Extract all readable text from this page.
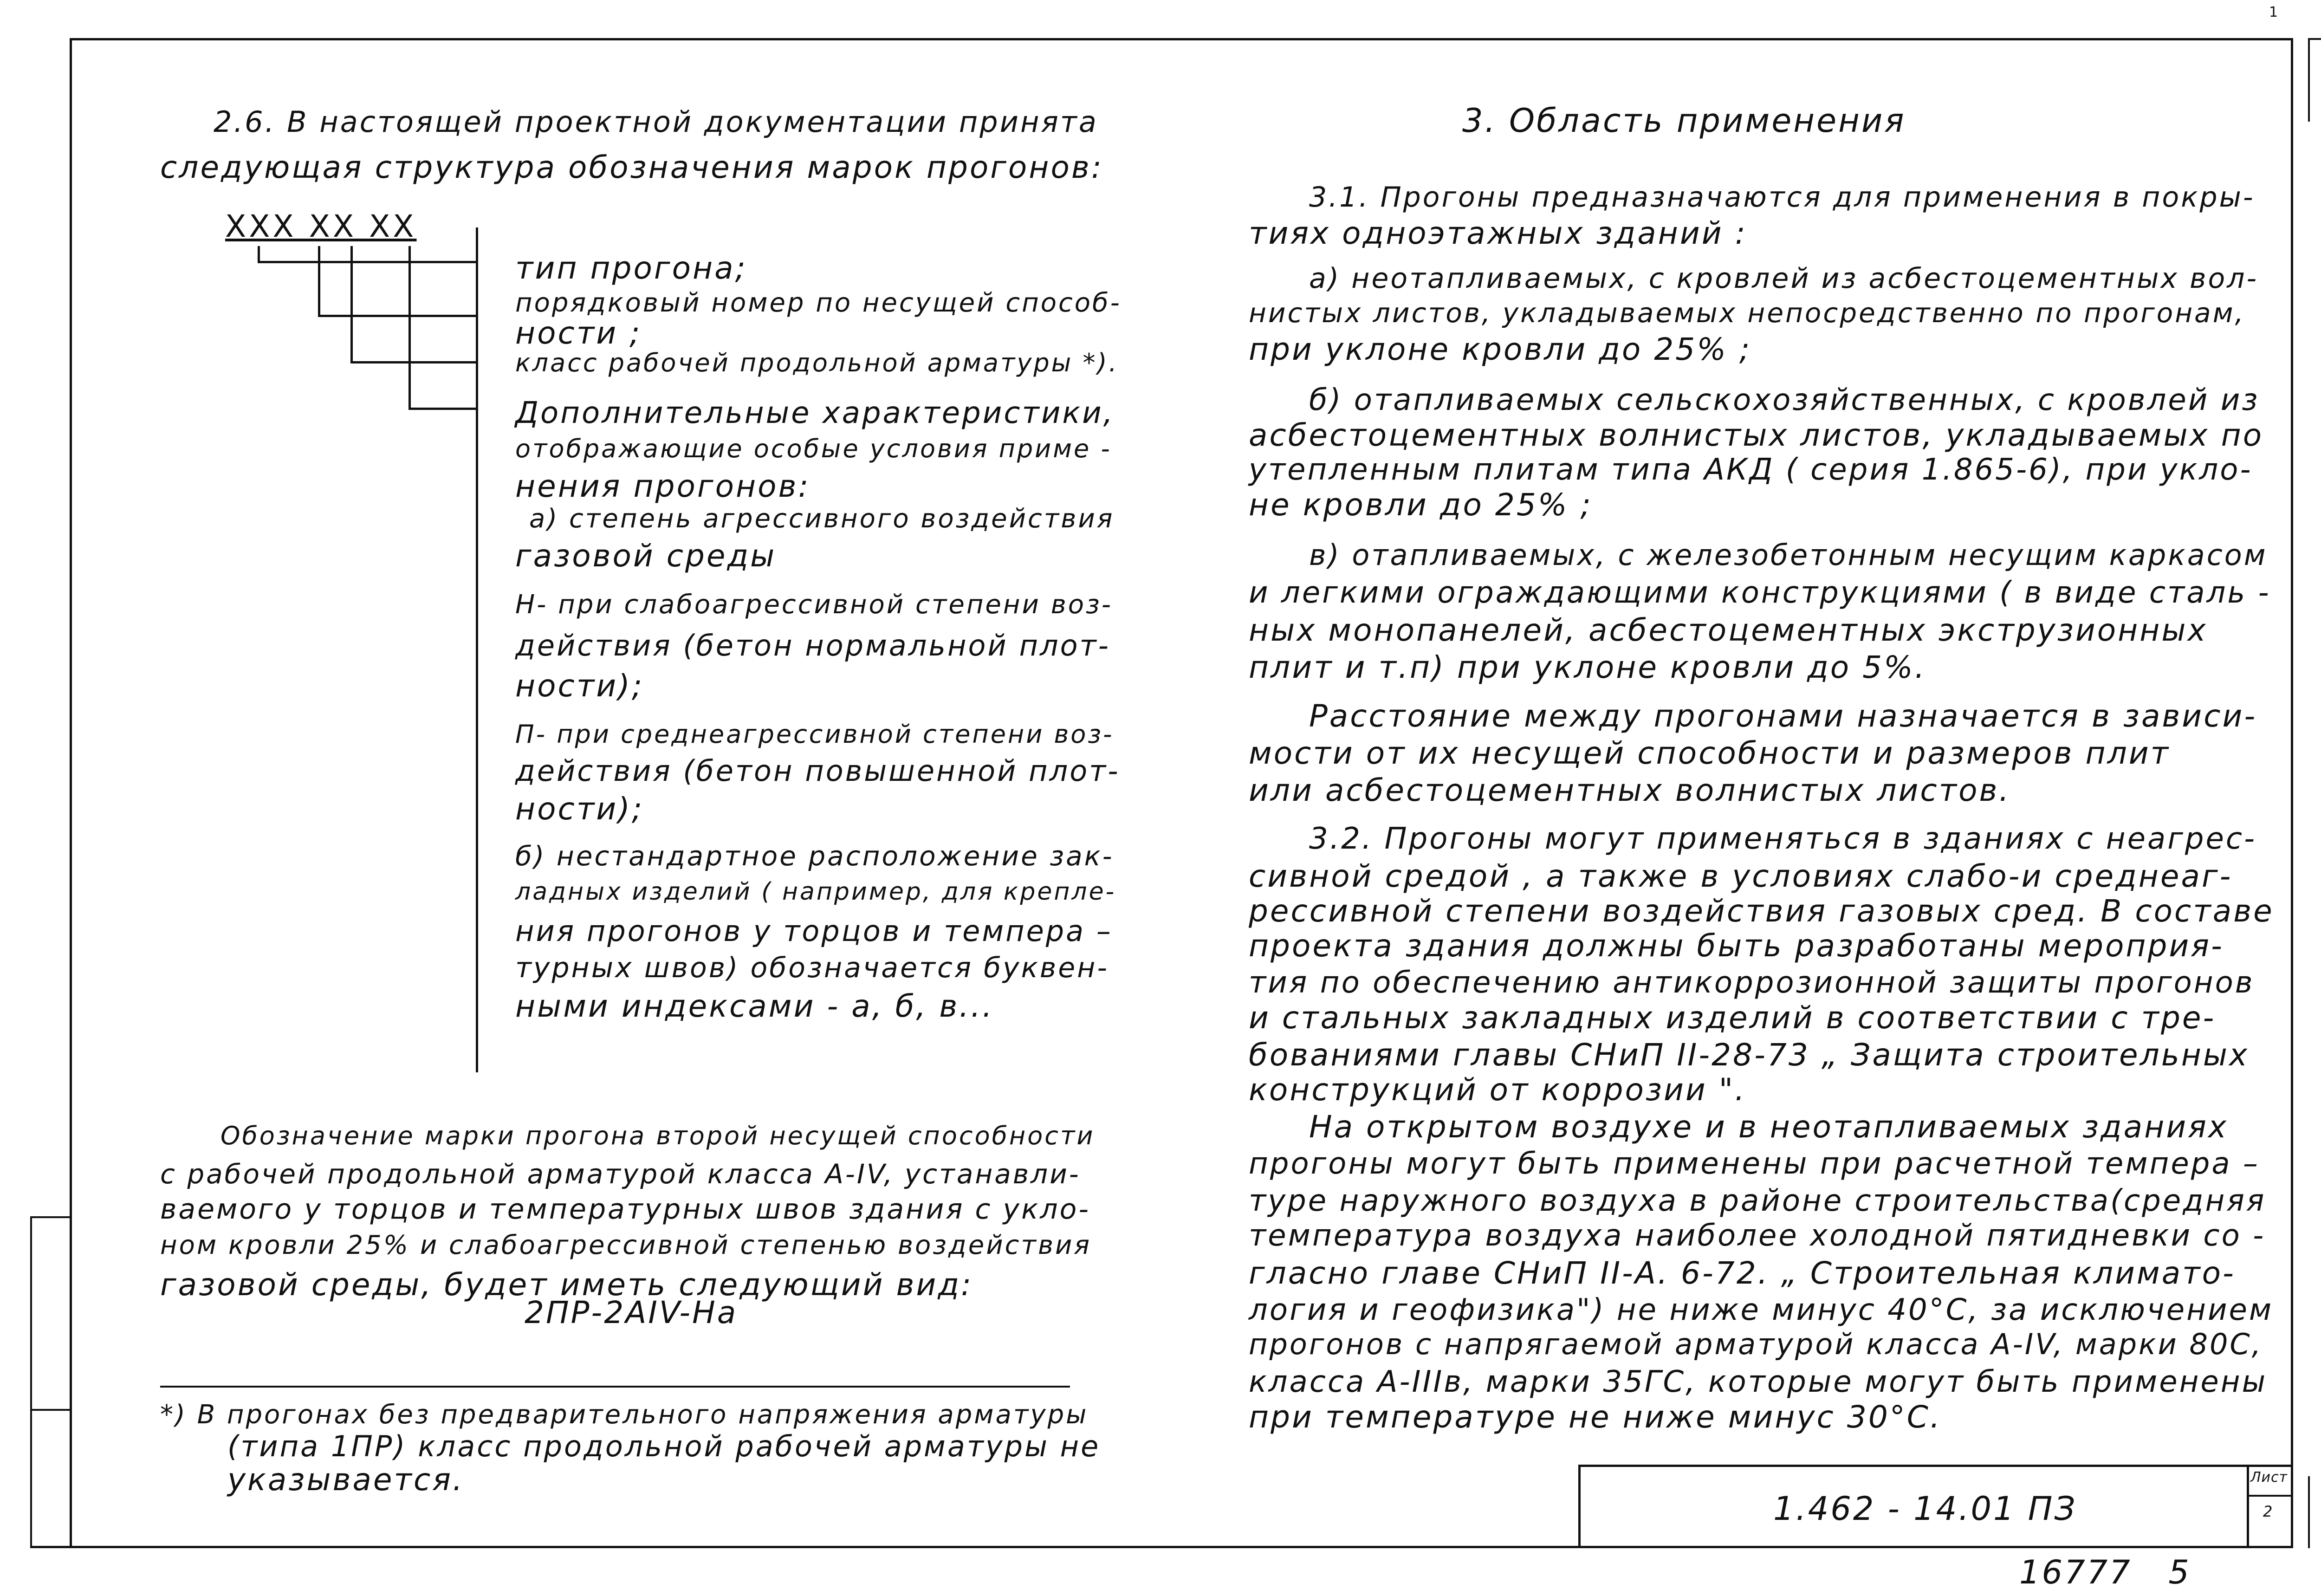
1
1.462 - 14.01 ПЗ
Лист
2
16777   5
2.6. В настоящей проектной документации принята
следующая структура обозначения марок прогонов:
XXX XX XX
тип прогона;
порядковый номер по несущей способ-
ности ;
класс рабочей продольной арматуры *).
Дополнительные характеристики,
отображающие особые условия приме -
нения прогонов:
а) степень агрессивного воздействия
газовой среды
Н- при слабоагрессивной степени воз-
действия (бетон нормальной плот-
ности);
П- при среднеагрессивной степени воз-
действия (бетон повышенной плот-
ности);
б) нестандартное расположение зак-
ладных изделий ( например, для крепле-
ния прогонов у торцов и темпера –
турных швов) обозначается буквен-
ными индексами - а, б, в...
Обозначение марки прогона второй несущей способности
с рабочей продольной арматурой класса А-IV, устанавли-
ваемого у торцов и температурных швов здания с укло-
ном кровли 25% и слабоагрессивной степенью воздействия
газовой среды, будет иметь следующий вид:
2ПР-2АIV-На
*) В прогонах без предварительного напряжения арматуры
(типа 1ПР) класс продольной рабочей арматуры не
указывается.
3. Область применения
3.1. Прогоны предназначаются для применения в покры-
тиях одноэтажных зданий :
а) неотапливаемых, с кровлей из асбестоцементных вол-
нистых листов, укладываемых непосредственно по прогонам,
при уклоне кровли до 25% ;
б) отапливаемых сельскохозяйственных, с кровлей из
асбестоцементных волнистых листов, укладываемых по
утепленным плитам типа АКД ( серия 1.865-6), при укло-
не кровли до 25% ;
в) отапливаемых, с железобетонным несущим каркасом
и легкими ограждающими конструкциями ( в виде сталь -
ных монопанелей, асбестоцементных экструзионных
плит и т.п) при уклоне кровли до 5%.
Расстояние между прогонами назначается в зависи-
мости от их несущей способности и размеров плит
или асбестоцементных волнистых листов.
3.2. Прогоны могут применяться в зданиях с неагрес-
сивной средой , а также в условиях слабо-и среднеаг-
рессивной степени воздействия газовых сред. В составе
проекта здания должны быть разработаны мероприя-
тия по обеспечению антикоррозионной защиты прогонов
и стальных закладных изделий в соответствии с тре-
бованиями главы СНиП II-28-73 „ Защита строительных
конструкций от коррозии ".
На открытом воздухе и в неотапливаемых зданиях
прогоны могут быть применены при расчетной темпера –
туре наружного воздуха в районе строительства(средняя
температура воздуха наиболее холодной пятидневки со -
гласно главе СНиП II-А. 6-72. „ Строительная климато-
логия и геофизика") не ниже минус 40°С, за исключением
прогонов с напрягаемой арматурой класса А-IV, марки 80С,
класса А-IIIв, марки 35ГС, которые могут быть применены
при температуре не ниже минус 30°С.
